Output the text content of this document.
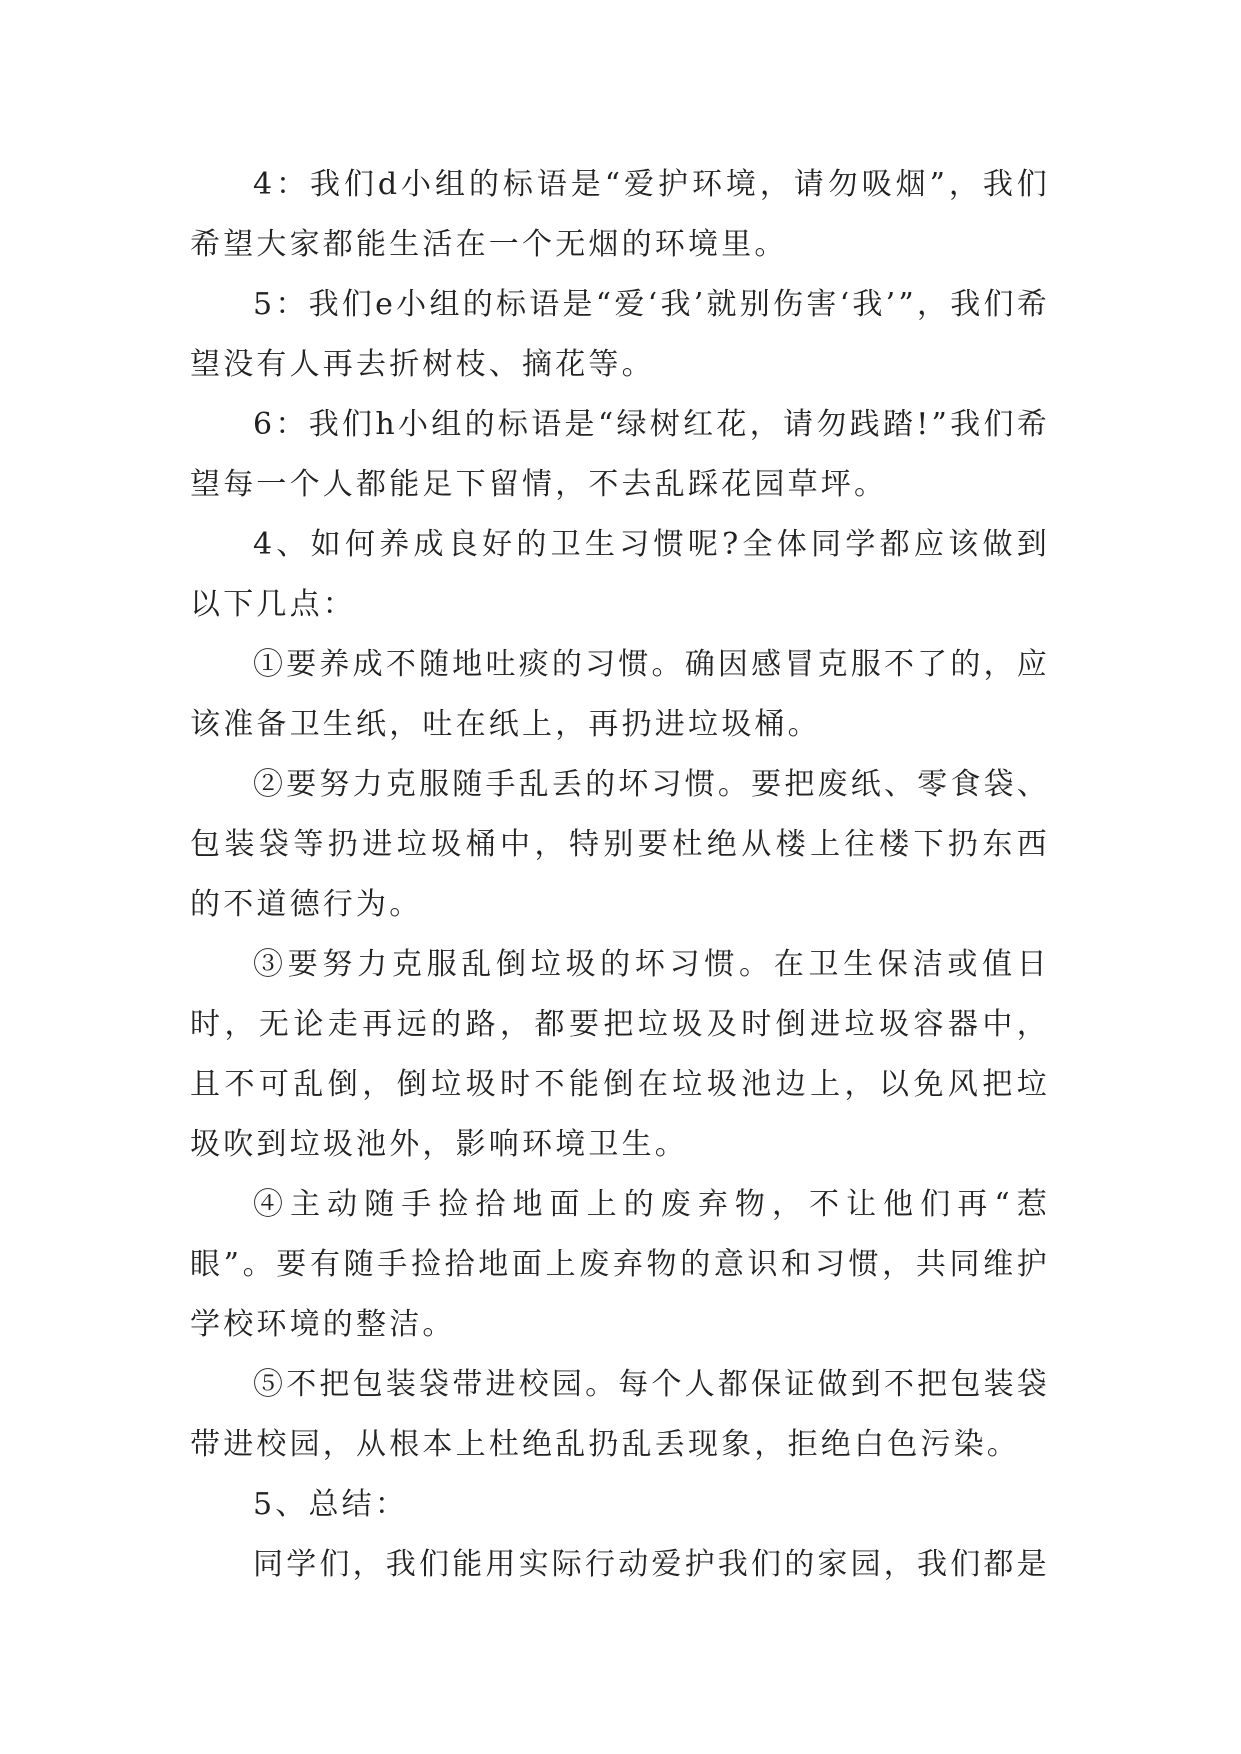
4：我们d小组的标语是“爱护环境，请勿吸烟”，我们希望大家都能生活在一个无烟的环境里。

5：我们e小组的标语是“爱‘我’就别伤害‘我’”，我们希望没有人再去折树枝、摘花等。

6：我们h小组的标语是“绿树红花，请勿践踏!”我们希望每一个人都能足下留情，不去乱踩花园草坪。

4、如何养成良好的卫生习惯呢?全体同学都应该做到以下几点：

①要养成不随地吐痰的习惯。确因感冒克服不了的，应该准备卫生纸，吐在纸上，再扔进垃圾桶。

②要努力克服随手乱丢的坏习惯。要把废纸、零食袋、包装袋等扔进垃圾桶中，特别要杜绝从楼上往楼下扔东西的不道德行为。

③要努力克服乱倒垃圾的坏习惯。在卫生保洁或值日时，无论走再远的路，都要把垃圾及时倒进垃圾容器中，且不可乱倒，倒垃圾时不能倒在垃圾池边上，以免风把垃圾吹到垃圾池外，影响环境卫生。

④主动随手捡拾地面上的废弃物，不让他们再“惹眼”。要有随手捡拾地面上废弃物的意识和习惯，共同维护学校环境的整洁。

⑤不把包装袋带进校园。每个人都保证做到不把包装袋带进校园，从根本上杜绝乱扔乱丢现象，拒绝白色污染。

5、总结：

同学们，我们能用实际行动爱护我们的家园，我们都是
